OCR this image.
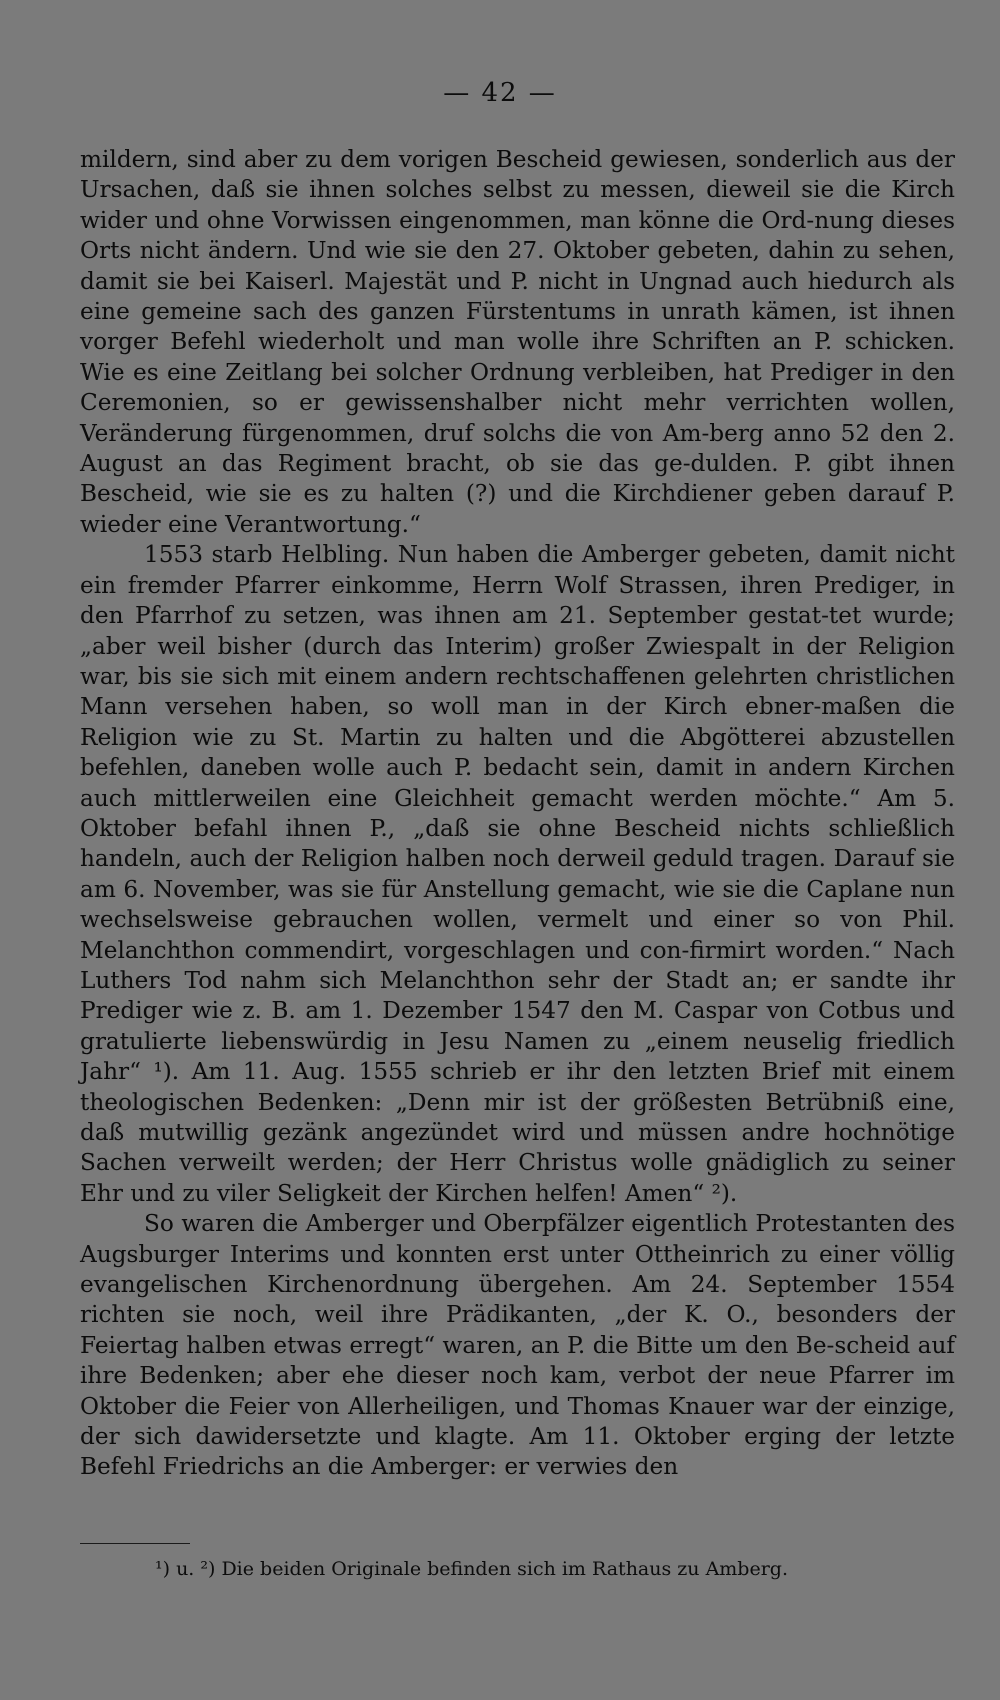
— 42 —

mildern, sind aber zu dem vorigen Bescheid gewiesen, sonderlich aus der Ursachen, daß sie ihnen solches selbst zu messen, dieweil sie die Kirch wider und ohne Vorwissen eingenommen, man könne die Ord-nung dieses Orts nicht ändern. Und wie sie den 27. Oktober gebeten, dahin zu sehen, damit sie bei Kaiserl. Majestät und P. nicht in Ungnad auch hiedurch als eine gemeine sach des ganzen Fürstentums in unrath kämen, ist ihnen vorger Befehl wiederholt und man wolle ihre Schriften an P. schicken. Wie es eine Zeitlang bei solcher Ordnung verbleiben, hat Prediger in den Ceremonien, so er gewissenshalber nicht mehr verrichten wollen, Veränderung fürgenommen, druf solchs die von Am-berg anno 52 den 2. August an das Regiment bracht, ob sie das ge-dulden. P. gibt ihnen Bescheid, wie sie es zu halten (?) und die Kirchdiener geben darauf P. wieder eine Verantwortung.“

1553 starb Helbling. Nun haben die Amberger gebeten, damit nicht ein fremder Pfarrer einkomme, Herrn Wolf Strassen, ihren Prediger, in den Pfarrhof zu setzen, was ihnen am 21. September gestat-tet wurde; „aber weil bisher (durch das Interim) großer Zwiespalt in der Religion war, bis sie sich mit einem andern rechtschaffenen gelehrten christlichen Mann versehen haben, so woll man in der Kirch ebner-maßen die Religion wie zu St. Martin zu halten und die Abgötterei abzustellen befehlen, daneben wolle auch P. bedacht sein, damit in andern Kirchen auch mittlerweilen eine Gleichheit gemacht werden möchte.“ Am 5. Oktober befahl ihnen P., „daß sie ohne Bescheid nichts schließlich handeln, auch der Religion halben noch derweil geduld tragen. Darauf sie am 6. November, was sie für Anstellung gemacht, wie sie die Caplane nun wechselsweise gebrauchen wollen, vermelt und einer so von Phil. Melanchthon commendirt, vorgeschlagen und con-firmirt worden.“ Nach Luthers Tod nahm sich Melanchthon sehr der Stadt an; er sandte ihr Prediger wie z. B. am 1. Dezember 1547 den M. Caspar von Cotbus und gratulierte liebenswürdig in Jesu Namen zu „einem neuselig friedlich Jahr“ ¹). Am 11. Aug. 1555 schrieb er ihr den letzten Brief mit einem theologischen Bedenken: „Denn mir ist der größesten Betrübniß eine, daß mutwillig gezänk angezündet wird und müssen andre hochnötige Sachen verweilt werden; der Herr Christus wolle gnädiglich zu seiner Ehr und zu viler Seligkeit der Kirchen helfen! Amen“ ²).

So waren die Amberger und Oberpfälzer eigentlich Protestanten des Augsburger Interims und konnten erst unter Ottheinrich zu einer völlig evangelischen Kirchenordnung übergehen. Am 24. September 1554 richten sie noch, weil ihre Prädikanten, „der K. O., besonders der Feiertag halben etwas erregt“ waren, an P. die Bitte um den Be-scheid auf ihre Bedenken; aber ehe dieser noch kam, verbot der neue Pfarrer im Oktober die Feier von Allerheiligen, und Thomas Knauer war der einzige, der sich dawidersetzte und klagte. Am 11. Oktober erging der letzte Befehl Friedrichs an die Amberger: er verwies den

¹) u. ²) Die beiden Originale befinden sich im Rathaus zu Amberg.
